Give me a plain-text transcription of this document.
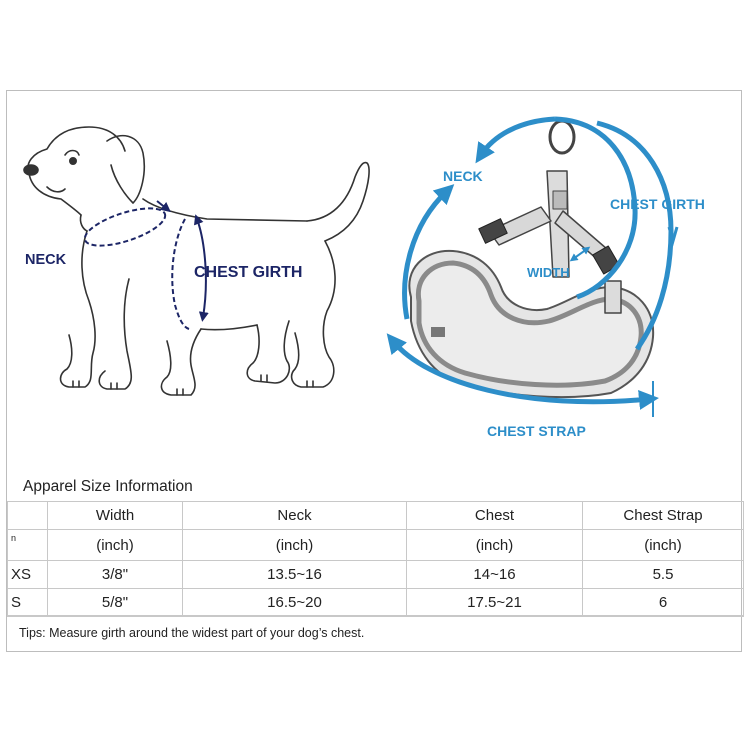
NECK
CHEST GIRTH
NECK
CHEST GIRTH
WIDTH
CHEST STRAP
Apparel Size Information
	Width	Neck	Chest	Chest Strap
n	(inch)	(inch)	(inch)	(inch)
XS	3/8"	13.5~16	14~16	5.5
S	5/8"	16.5~20	17.5~21	6
Tips: Measure girth around the widest part of your dog’s chest.
